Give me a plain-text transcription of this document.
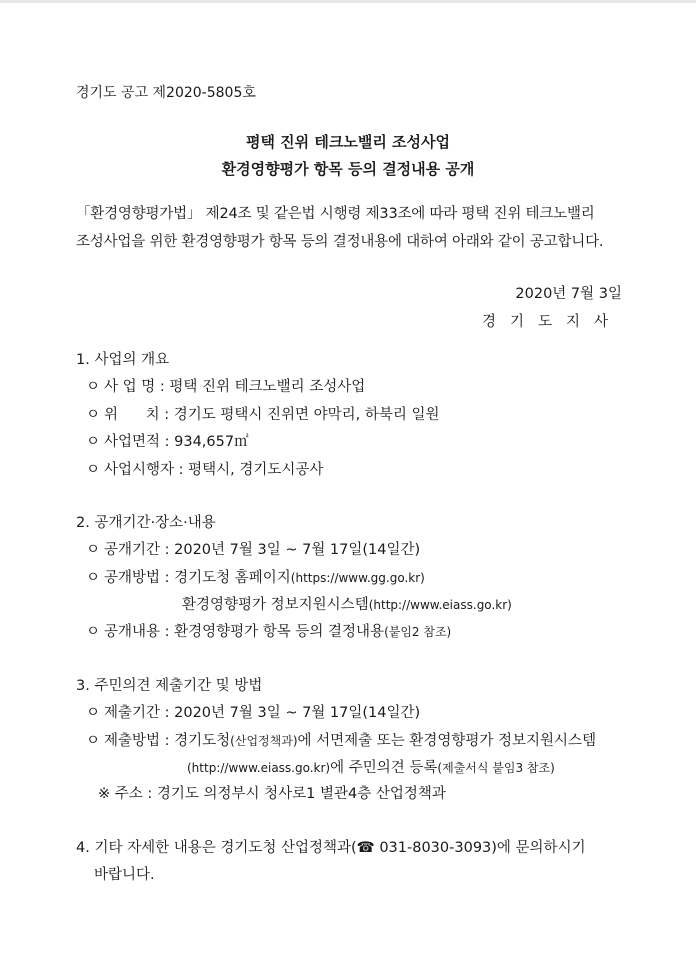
경기도 공고 제2020-5805호
평택 진위 테크노밸리 조성사업
환경영향평가 항목 등의 결정내용 공개
「환경영향평가법」 제24조 및 같은법 시행령 제33조에 따라 평택 진위 테크노밸리
조성사업을 위한 환경영향평가 항목 등의 결정내용에 대하여 아래와 같이 공고합니다.
2020년 7월 3일
경기도지사
1. 사업의 개요
ㅇ 사 업 명 : 평택 진위 테크노밸리 조성사업
ㅇ 위      치 : 경기도 평택시 진위면 야막리, 하북리 일원
ㅇ 사업면적 : 934,657㎡
ㅇ 사업시행자 : 평택시, 경기도시공사
2. 공개기간·장소·내용
ㅇ 공개기간 : 2020년 7월 3일 ~ 7월 17일(14일간)
ㅇ 공개방법 : 경기도청 홈페이지(https://www.gg.go.kr)
환경영향평가 정보지원시스템(http://www.eiass.go.kr)
ㅇ 공개내용 : 환경영향평가 항목 등의 결정내용(붙임2 참조)
3. 주민의견 제출기간 및 방법
ㅇ 제출기간 : 2020년 7월 3일 ~ 7월 17일(14일간)
ㅇ 제출방법 : 경기도청(산업정책과)에 서면제출 또는 환경영향평가 정보지원시스템
(http://www.eiass.go.kr)에 주민의견 등록(제출서식 붙임3 참조)
※ 주소 : 경기도 의정부시 청사로1 별관4층 산업정책과
4. 기타 자세한 내용은 경기도청 산업정책과(☎ 031-8030-3093)에 문의하시기
바랍니다.
